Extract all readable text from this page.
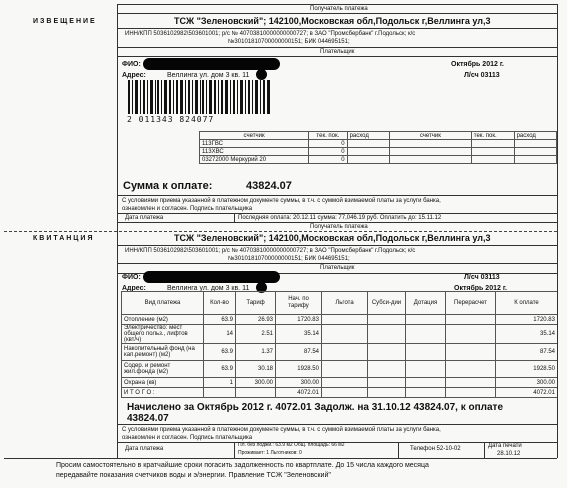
ИЗВЕЩЕНИЕ
Получатель платежа
ТСЖ "Зеленовский"; 142100,Московская обл,Подольск г,Веллинга ул,3
ИНН/КПП 5036102982\503601001; р/с № 40703810000000000727; в ЗАО "Промсбербанк" г.Подольск; к/с
№30101810700000000151; БИК 044695151;
Плательщик
ФИО:	Октябрь 2012 г.
Адрес:	Веллинга ул. дом 3 кв. 11	Л/сч 03113
2 011343 824077
счетчик	тек. пок.	расход	счетчик	тек. пок.	расход
113ГВС	0				
113ХВС	0				
03272000 Меркурий 20	0				
Сумма к оплате:	43824.07
С условиями приема указанной в платежном документе суммы, в т.ч. с суммой взимаемой платы за услуги банка,
ознакомлен и согласен. Подпись плательщика
Дата платежа	Последняя оплата: 20.12.11 сумма: 77,046.19 руб. Оплатить до: 15.11.12
КВИТАНЦИЯ
Получатель платежа
ТСЖ "Зеленовский"; 142100,Московская обл,Подольск г,Веллинга ул,3
ИНН/КПП 5036102982\503601001; р/с № 40703810000000000727; в ЗАО "Промсбербанк" г.Подольск; к/с
№30101810700000000151; БИК 044695151;
Плательщик
ФИО:	Л/сч 03113
Адрес:	Веллинга ул. дом 3 кв. 11	Октябрь 2012 г.
Вид платежа	Кол-во	Тариф	Нач. по тарифу	Льгота	Субси-дии	Дотация	Перерасчет	К оплате
Отопление (м2)	63.9	26.93	1720.83					1720.83
Электричество: мест общего польз., лифтов (квт/ч)	14	2.51	35.14					35.14
Накопительный фонд (на кап.ремонт) (м2)	63.9	1.37	87.54					87.54
Содер. и ремонт жил.фонда (м2)	63.9	30.18	1928.50					1928.50
Охрана (кв)	1	300.00	300.00					300.00
И Т О Г О :			4072.01					4072.01
Начислено за Октябрь 2012 г. 4072.01 Задолж. на 31.10.12 43824.07, к оплате
43824.07
С условиями приема указанной в платежном документе суммы, в т.ч. с суммой взимаемой платы за услуги банка,
ознакомлен и согласен. Подпись плательщика
Дата платежа
Пл. без лоджи.: 63.9 м2 Общ. площадь: 66 м2
Проживает: 1 Льготников: 0
Телефон 52-10-02	Дата печати
28.10.12
Просим самостоятельно в кратчайшие сроки погасить задолженность по квартплате. До 15 числа каждого месяца
передавайте показания счетчиков воды и э/энергии. Правление ТСЖ "Зеленовский"
